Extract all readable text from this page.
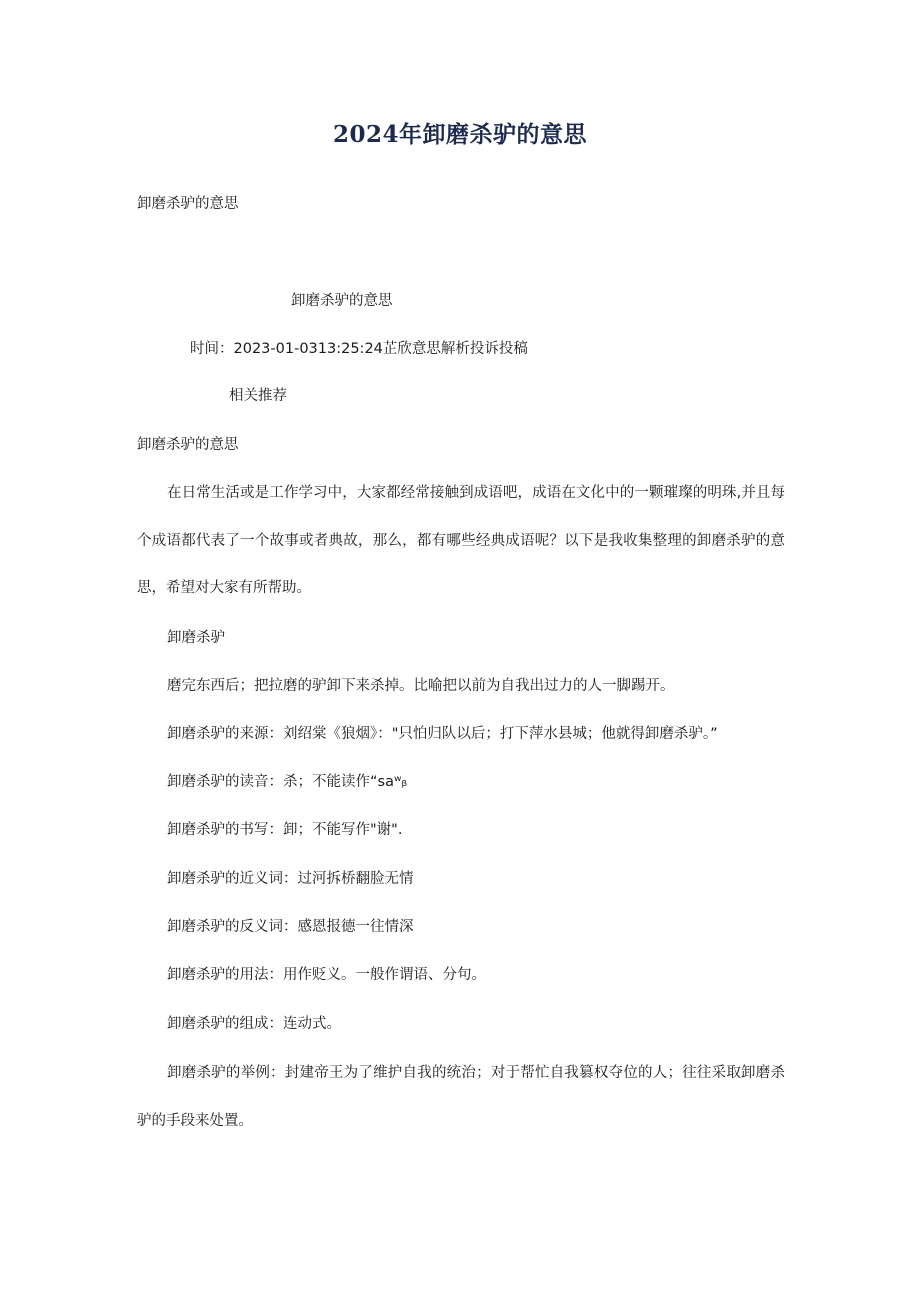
2024年卸磨杀驴的意思
卸磨杀驴的意思
卸磨杀驴的意思
时间：2023-01-0313:25:24芷欣意思解析投诉投稿
相关推荐
卸磨杀驴的意思
在日常生活或是工作学习中，大家都经常接触到成语吧，成语在文化中的一颗璀璨的明珠,并且每个成语都代表了一个故事或者典故，那么，都有哪些经典成语呢？以下是我收集整理的卸磨杀驴的意思，希望对大家有所帮助。
卸磨杀驴
磨完东西后；把拉磨的驴卸下来杀掉。比喻把以前为自我出过力的人一脚踢开。
卸磨杀驴的来源：刘绍棠《狼烟》："只怕归队以后；打下萍水县城；他就得卸磨杀驴。”
卸磨杀驴的读音：杀；不能读作“saʷᵦ
卸磨杀驴的书写：卸；不能写作"谢".
卸磨杀驴的近义词：过河拆桥翻脸无情
卸磨杀驴的反义词：感恩报德一往情深
卸磨杀驴的用法：用作贬义。一般作谓语、分句。
卸磨杀驴的组成：连动式。
卸磨杀驴的举例：封建帝王为了维护自我的统治；对于帮忙自我篡权夺位的人；往往采取卸磨杀驴的手段来处置。
